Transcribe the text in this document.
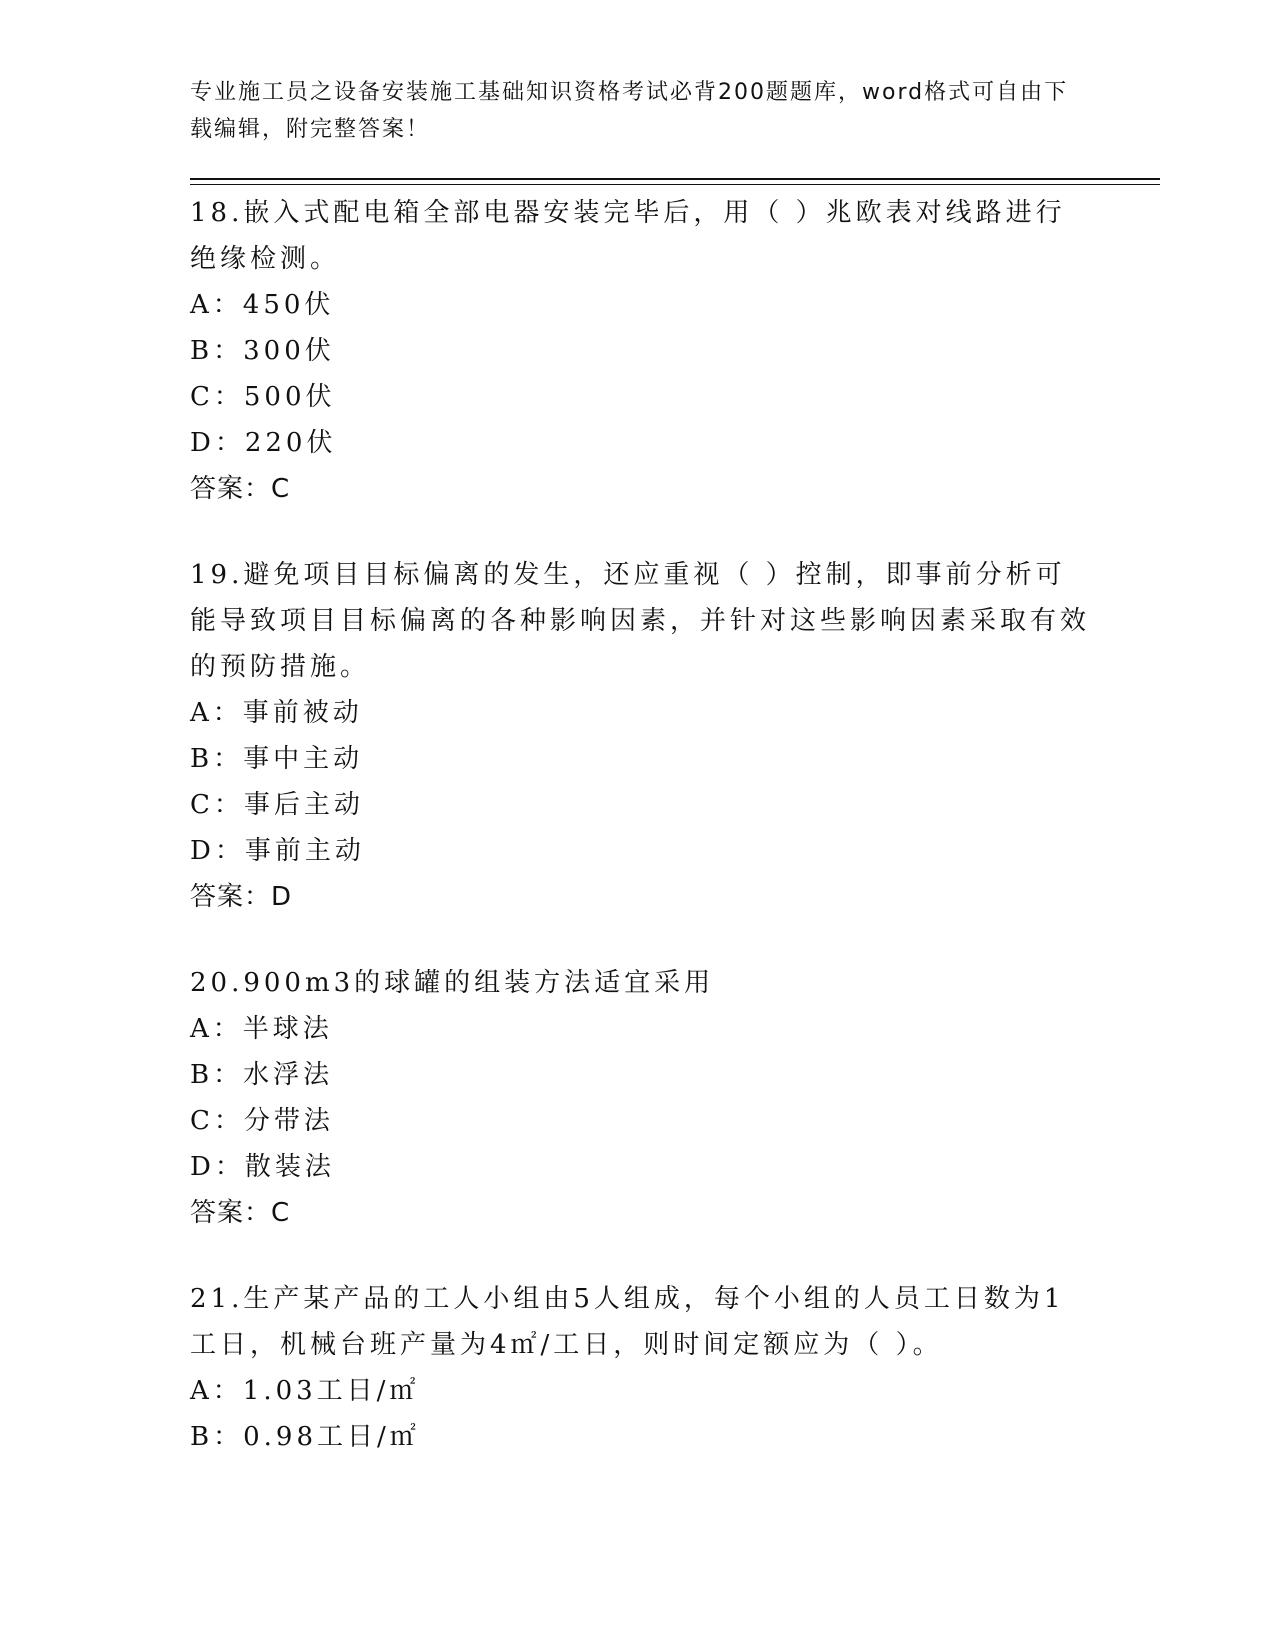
专业施工员之设备安装施工基础知识资格考试必背200题题库，word格式可自由下载编辑，附完整答案！

18.嵌入式配电箱全部电器安装完毕后，用（ ）兆欧表对线路进行绝缘检测。

A：450伏

B：300伏

C：500伏

D：220伏

答案：C

19.避免项目目标偏离的发生，还应重视（ ）控制，即事前分析可能导致项目目标偏离的各种影响因素，并针对这些影响因素采取有效的预防措施。

A：事前被动

B：事中主动

C：事后主动

D：事前主动

答案：D

20.900m3的球罐的组装方法适宜采用

A：半球法

B：水浮法

C：分带法

D：散装法

答案：C

21.生产某产品的工人小组由5人组成，每个小组的人员工日数为1工日，机械台班产量为4㎡/工日，则时间定额应为（ ）。

A：1.03工日/㎡

B：0.98工日/㎡
